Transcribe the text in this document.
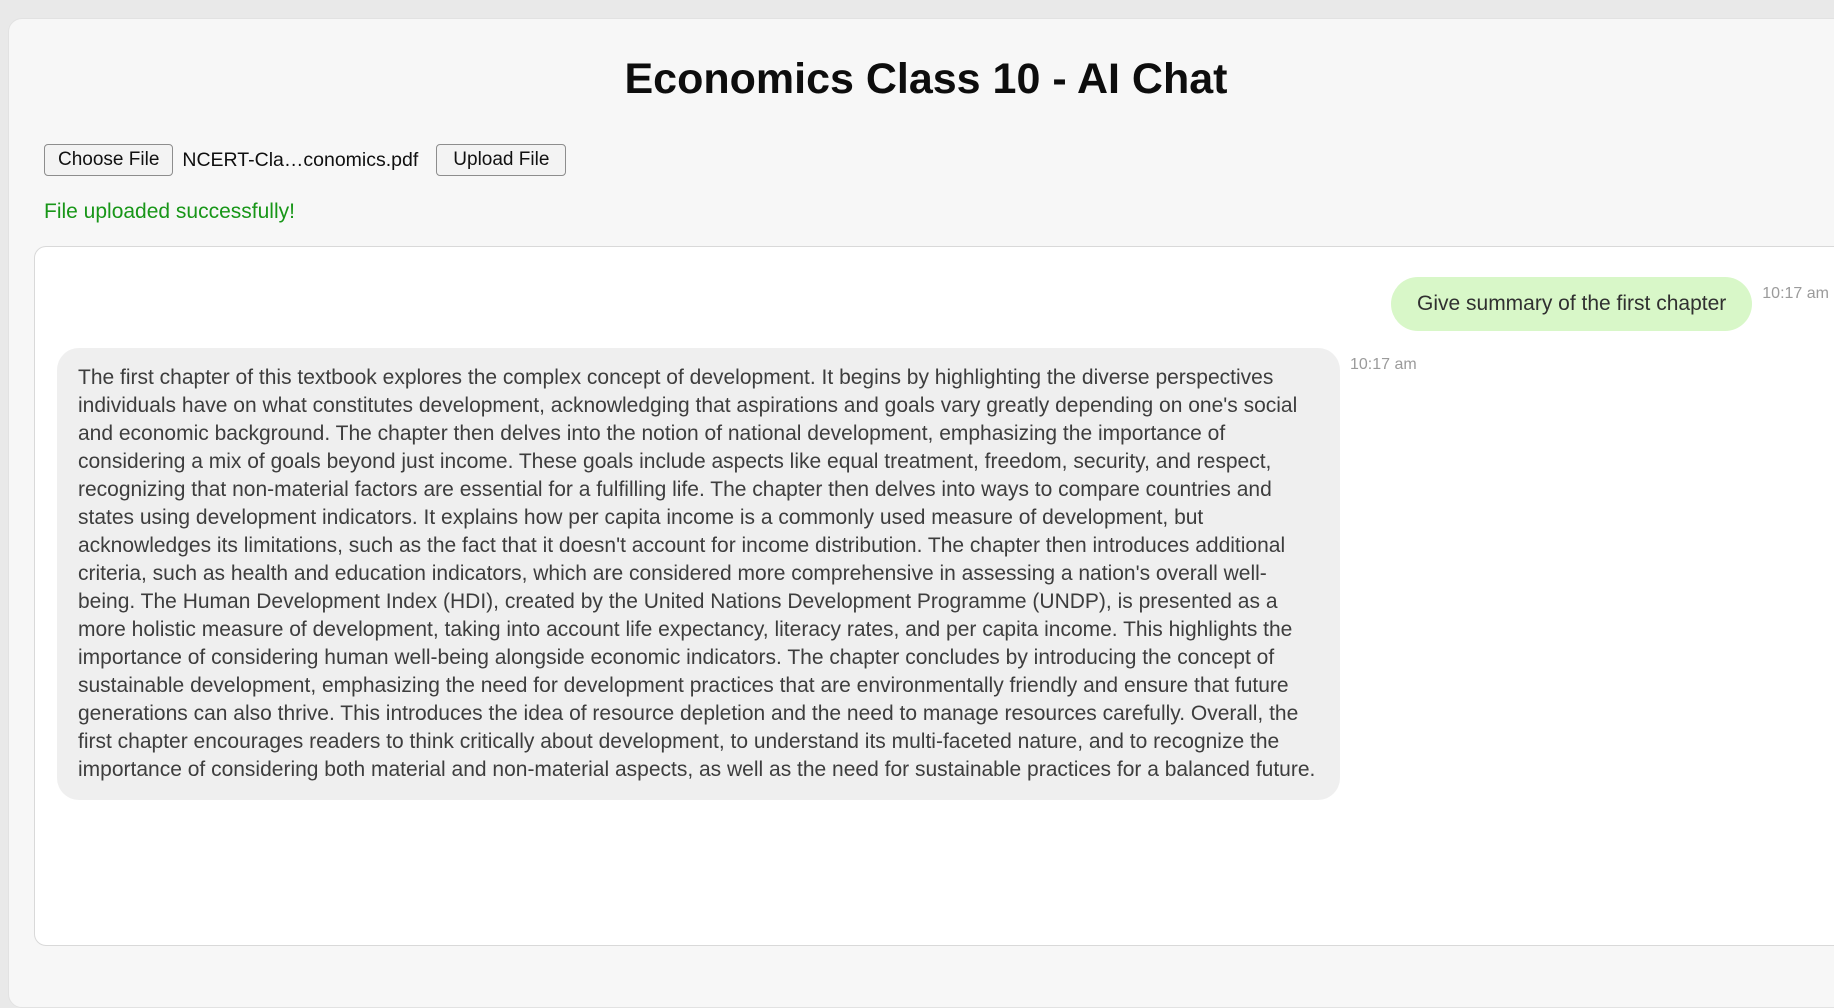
Economics Class 10 - AI Chat
Choose File	NCERT-Cla…conomics.pdf	Upload File
File uploaded successfully!
Give summary of the first chapter	10:17 am
The first chapter of this textbook explores the complex concept of development. It begins by highlighting the diverse perspectives individuals have on what constitutes development, acknowledging that aspirations and goals vary greatly depending on one's social and economic background. The chapter then delves into the notion of national development, emphasizing the importance of considering a mix of goals beyond just income. These goals include aspects like equal treatment, freedom, security, and respect, recognizing that non-material factors are essential for a fulfilling life. The chapter then delves into ways to compare countries and states using development indicators. It explains how per capita income is a commonly used measure of development, but acknowledges its limitations, such as the fact that it doesn't account for income distribution. The chapter then introduces additional criteria, such as health and education indicators, which are considered more comprehensive in assessing a nation's overall well-being. The Human Development Index (HDI), created by the United Nations Development Programme (UNDP), is presented as a more holistic measure of development, taking into account life expectancy, literacy rates, and per capita income. This highlights the importance of considering human well-being alongside economic indicators. The chapter concludes by introducing the concept of sustainable development, emphasizing the need for development practices that are environmentally friendly and ensure that future generations can also thrive. This introduces the idea of resource depletion and the need to manage resources carefully. Overall, the first chapter encourages readers to think critically about development, to understand its multi-faceted nature, and to recognize the importance of considering both material and non-material aspects, as well as the need for sustainable practices for a balanced future.
10:17 am
